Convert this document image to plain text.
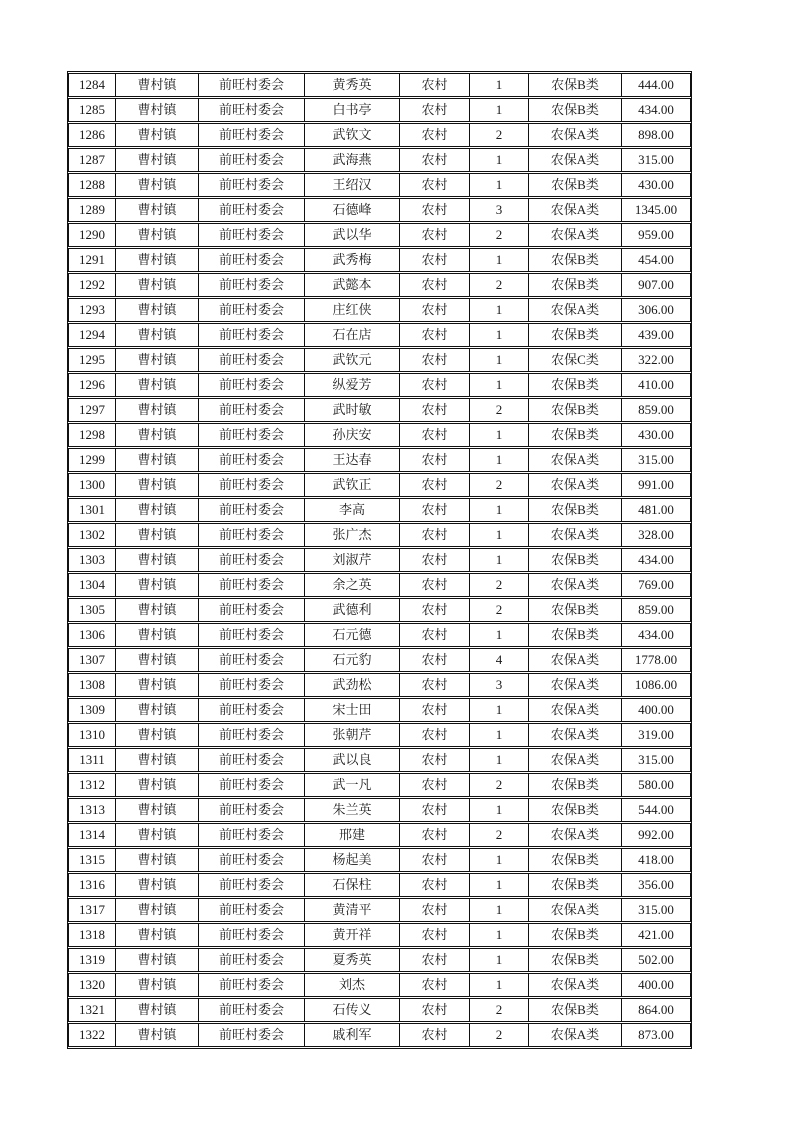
1284	曹村镇	前旺村委会	黄秀英	农村	1	农保B类	444.00
1285	曹村镇	前旺村委会	白书亭	农村	1	农保B类	434.00
1286	曹村镇	前旺村委会	武钦文	农村	2	农保A类	898.00
1287	曹村镇	前旺村委会	武海燕	农村	1	农保A类	315.00
1288	曹村镇	前旺村委会	王绍汉	农村	1	农保B类	430.00
1289	曹村镇	前旺村委会	石德峰	农村	3	农保A类	1345.00
1290	曹村镇	前旺村委会	武以华	农村	2	农保A类	959.00
1291	曹村镇	前旺村委会	武秀梅	农村	1	农保B类	454.00
1292	曹村镇	前旺村委会	武懿本	农村	2	农保B类	907.00
1293	曹村镇	前旺村委会	庄红侠	农村	1	农保A类	306.00
1294	曹村镇	前旺村委会	石在店	农村	1	农保B类	439.00
1295	曹村镇	前旺村委会	武钦元	农村	1	农保C类	322.00
1296	曹村镇	前旺村委会	纵爱芳	农村	1	农保B类	410.00
1297	曹村镇	前旺村委会	武时敏	农村	2	农保B类	859.00
1298	曹村镇	前旺村委会	孙庆安	农村	1	农保B类	430.00
1299	曹村镇	前旺村委会	王达春	农村	1	农保A类	315.00
1300	曹村镇	前旺村委会	武钦正	农村	2	农保A类	991.00
1301	曹村镇	前旺村委会	李高	农村	1	农保B类	481.00
1302	曹村镇	前旺村委会	张广杰	农村	1	农保A类	328.00
1303	曹村镇	前旺村委会	刘淑芹	农村	1	农保B类	434.00
1304	曹村镇	前旺村委会	余之英	农村	2	农保A类	769.00
1305	曹村镇	前旺村委会	武德利	农村	2	农保B类	859.00
1306	曹村镇	前旺村委会	石元德	农村	1	农保B类	434.00
1307	曹村镇	前旺村委会	石元豹	农村	4	农保A类	1778.00
1308	曹村镇	前旺村委会	武劲松	农村	3	农保A类	1086.00
1309	曹村镇	前旺村委会	宋士田	农村	1	农保A类	400.00
1310	曹村镇	前旺村委会	张朝芹	农村	1	农保A类	319.00
1311	曹村镇	前旺村委会	武以良	农村	1	农保A类	315.00
1312	曹村镇	前旺村委会	武一凡	农村	2	农保B类	580.00
1313	曹村镇	前旺村委会	朱兰英	农村	1	农保B类	544.00
1314	曹村镇	前旺村委会	邢建	农村	2	农保A类	992.00
1315	曹村镇	前旺村委会	杨起美	农村	1	农保B类	418.00
1316	曹村镇	前旺村委会	石保柱	农村	1	农保B类	356.00
1317	曹村镇	前旺村委会	黄清平	农村	1	农保A类	315.00
1318	曹村镇	前旺村委会	黄开祥	农村	1	农保B类	421.00
1319	曹村镇	前旺村委会	夏秀英	农村	1	农保B类	502.00
1320	曹村镇	前旺村委会	刘杰	农村	1	农保A类	400.00
1321	曹村镇	前旺村委会	石传义	农村	2	农保B类	864.00
1322	曹村镇	前旺村委会	戚利军	农村	2	农保A类	873.00
